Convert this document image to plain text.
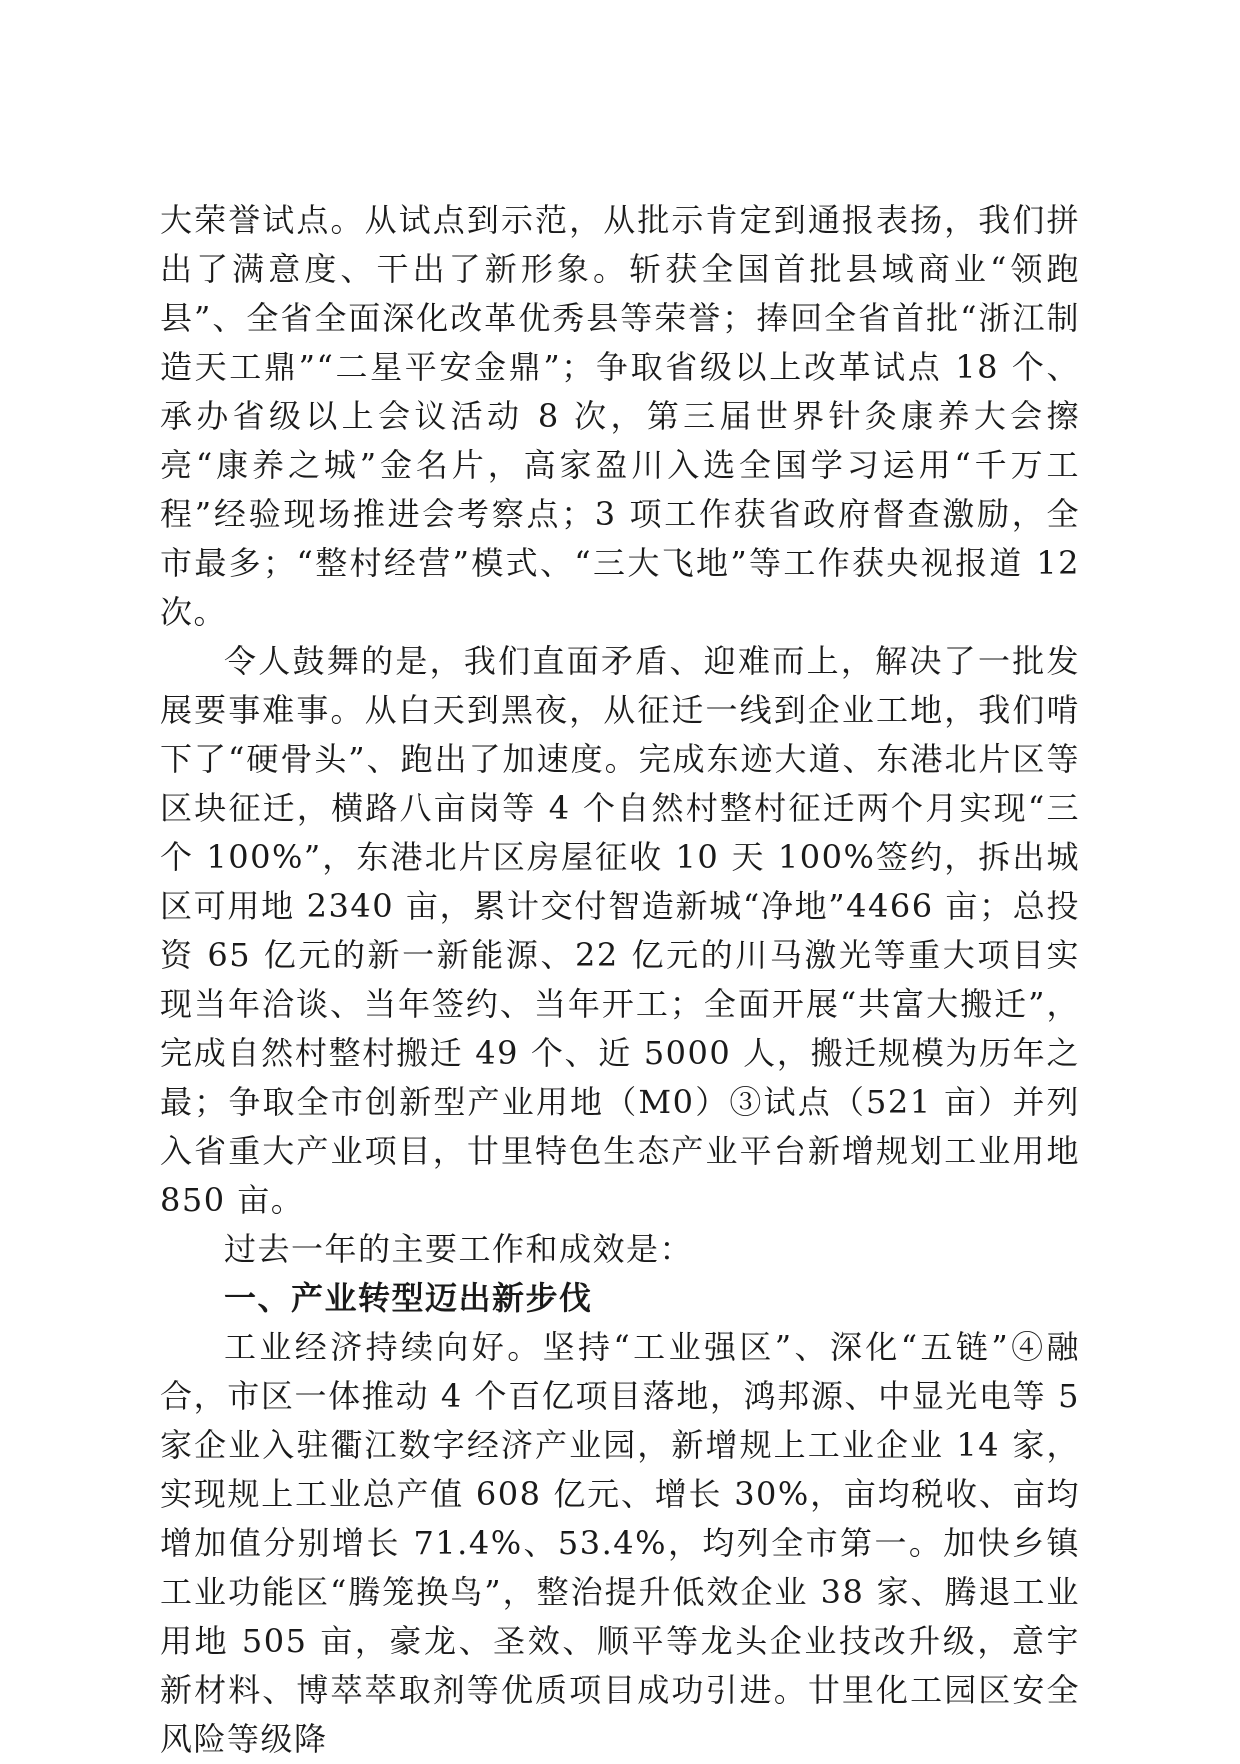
大荣誉试点。从试点到示范，从批示肯定到通报表扬，我们拼出了满意度、干出了新形象。斩获全国首批县域商业“领跑县”、全省全面深化改革优秀县等荣誉；捧回全省首批“浙江制造天工鼎”“二星平安金鼎”；争取省级以上改革试点 18 个、承办省级以上会议活动 8 次，第三届世界针灸康养大会擦亮“康养之城”金名片，高家盈川入选全国学习运用“千万工程”经验现场推进会考察点；3 项工作获省政府督查激励，全市最多；“整村经营”模式、“三大飞地”等工作获央视报道 12 次。

令人鼓舞的是，我们直面矛盾、迎难而上，解决了一批发展要事难事。从白天到黑夜，从征迁一线到企业工地，我们啃下了“硬骨头”、跑出了加速度。完成东迹大道、东港北片区等区块征迁，横路八亩岗等 4 个自然村整村征迁两个月实现“三个 100%”，东港北片区房屋征收 10 天 100%签约，拆出城区可用地 2340 亩，累计交付智造新城“净地”4466 亩；总投资 65 亿元的新一新能源、22 亿元的川马激光等重大项目实现当年洽谈、当年签约、当年开工；全面开展“共富大搬迁”，完成自然村整村搬迁 49 个、近 5000 人，搬迁规模为历年之最；争取全市创新型产业用地（M0）③试点（521 亩）并列入省重大产业项目，廿里特色生态产业平台新增规划工业用地 850 亩。

过去一年的主要工作和成效是：

一、产业转型迈出新步伐

工业经济持续向好。坚持“工业强区”、深化“五链”④融合，市区一体推动 4 个百亿项目落地，鸿邦源、中显光电等 5 家企业入驻衢江数字经济产业园，新增规上工业企业 14 家，实现规上工业总产值 608 亿元、增长 30%，亩均税收、亩均增加值分别增长 71.4%、53.4%，均列全市第一。加快乡镇工业功能区“腾笼换鸟”，整治提升低效企业 38 家、腾退工业用地 505 亩，豪龙、圣效、顺平等龙头企业技改升级，意宇新材料、博萃萃取剂等优质项目成功引进。廿里化工园区安全风险等级降
